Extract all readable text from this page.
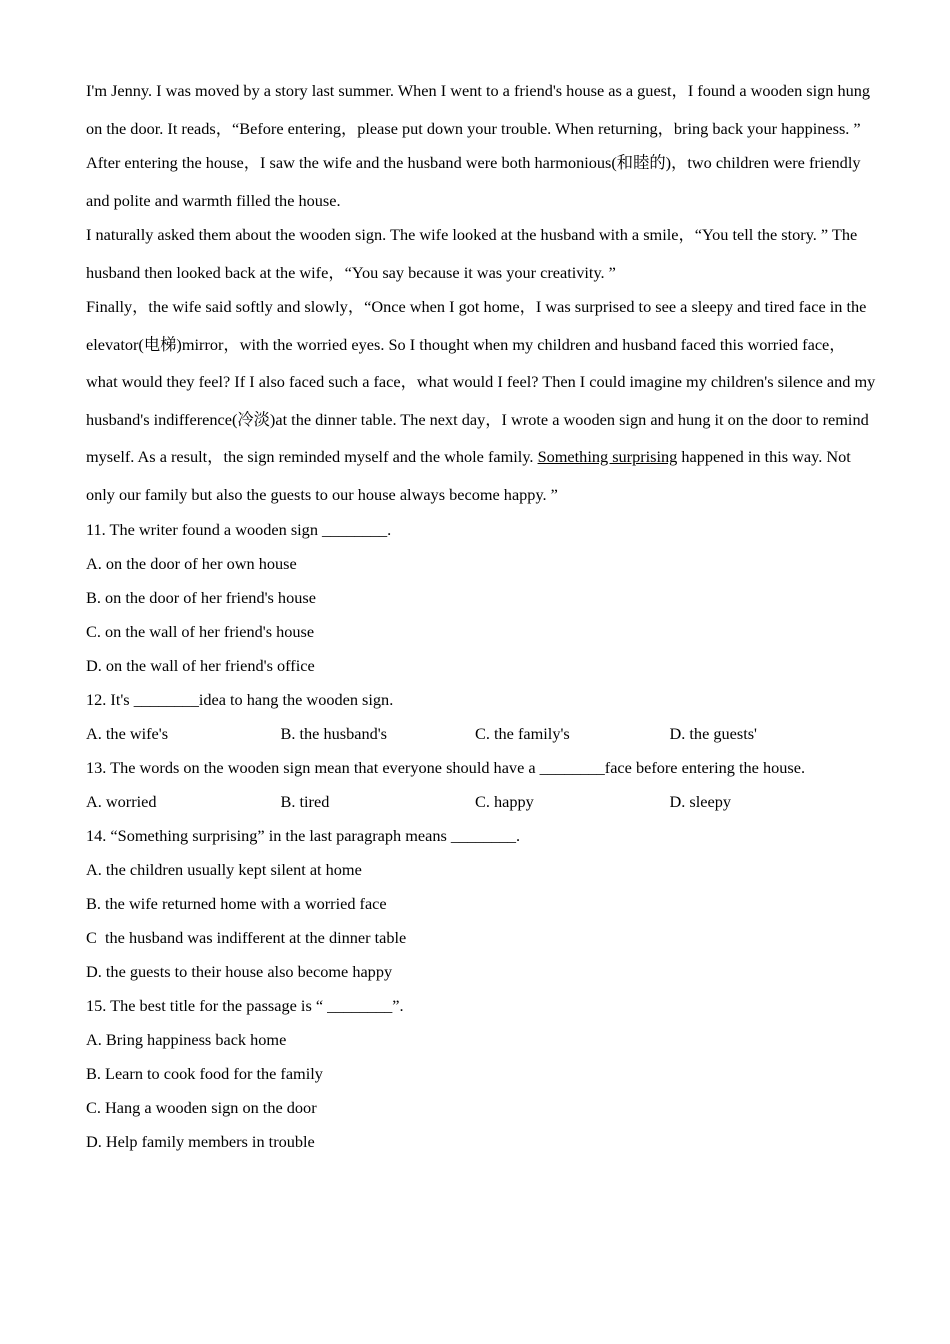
I'm Jenny. I was moved by a story last summer. When I went to a friend's house as a guest，I found a wooden sign hung on the door. It reads，“Before entering，please put down your trouble. When returning，bring back your happiness. ”

After entering the house，I saw the wife and the husband were both harmonious(和睦的)，two children were friendly and polite and warmth filled the house.

I naturally asked them about the wooden sign. The wife looked at the husband with a smile，“You tell the story. ” The husband then looked back at the wife，“You say because it was your creativity. ”

Finally，the wife said softly and slowly，“Once when I got home，I was surprised to see a sleepy and tired face in the elevator(电梯)mirror，with the worried eyes. So I thought when my children and husband faced this worried face，what would they feel? If I also faced such a face，what would I feel? Then I could imagine my children's silence and my husband's indifference(冷淡)at the dinner table. The next day，I wrote a wooden sign and hung it on the door to remind myself. As a result，the sign reminded myself and the whole family. Something surprising happened in this way. Not only our family but also the guests to our house always become happy. ”

11. The writer found a wooden sign ________.

A. on the door of her own house

B. on the door of her friend's house

C. on the wall of her friend's house

D. on the wall of her friend's office

12. It's ________idea to hang the wooden sign.

A. the wife's	B. the husband's	C. the family's	D. the guests'

13. The words on the wooden sign mean that everyone should have a ________face before entering the house.

A. worried	B. tired	C. happy	D. sleepy

14. “Something surprising” in the last paragraph means ________.

A. the children usually kept silent at home

B. the wife returned home with a worried face

C  the husband was indifferent at the dinner table

D. the guests to their house also become happy

15. The best title for the passage is “ ________”.

A. Bring happiness back home

B. Learn to cook food for the family

C. Hang a wooden sign on the door

D. Help family members in trouble
